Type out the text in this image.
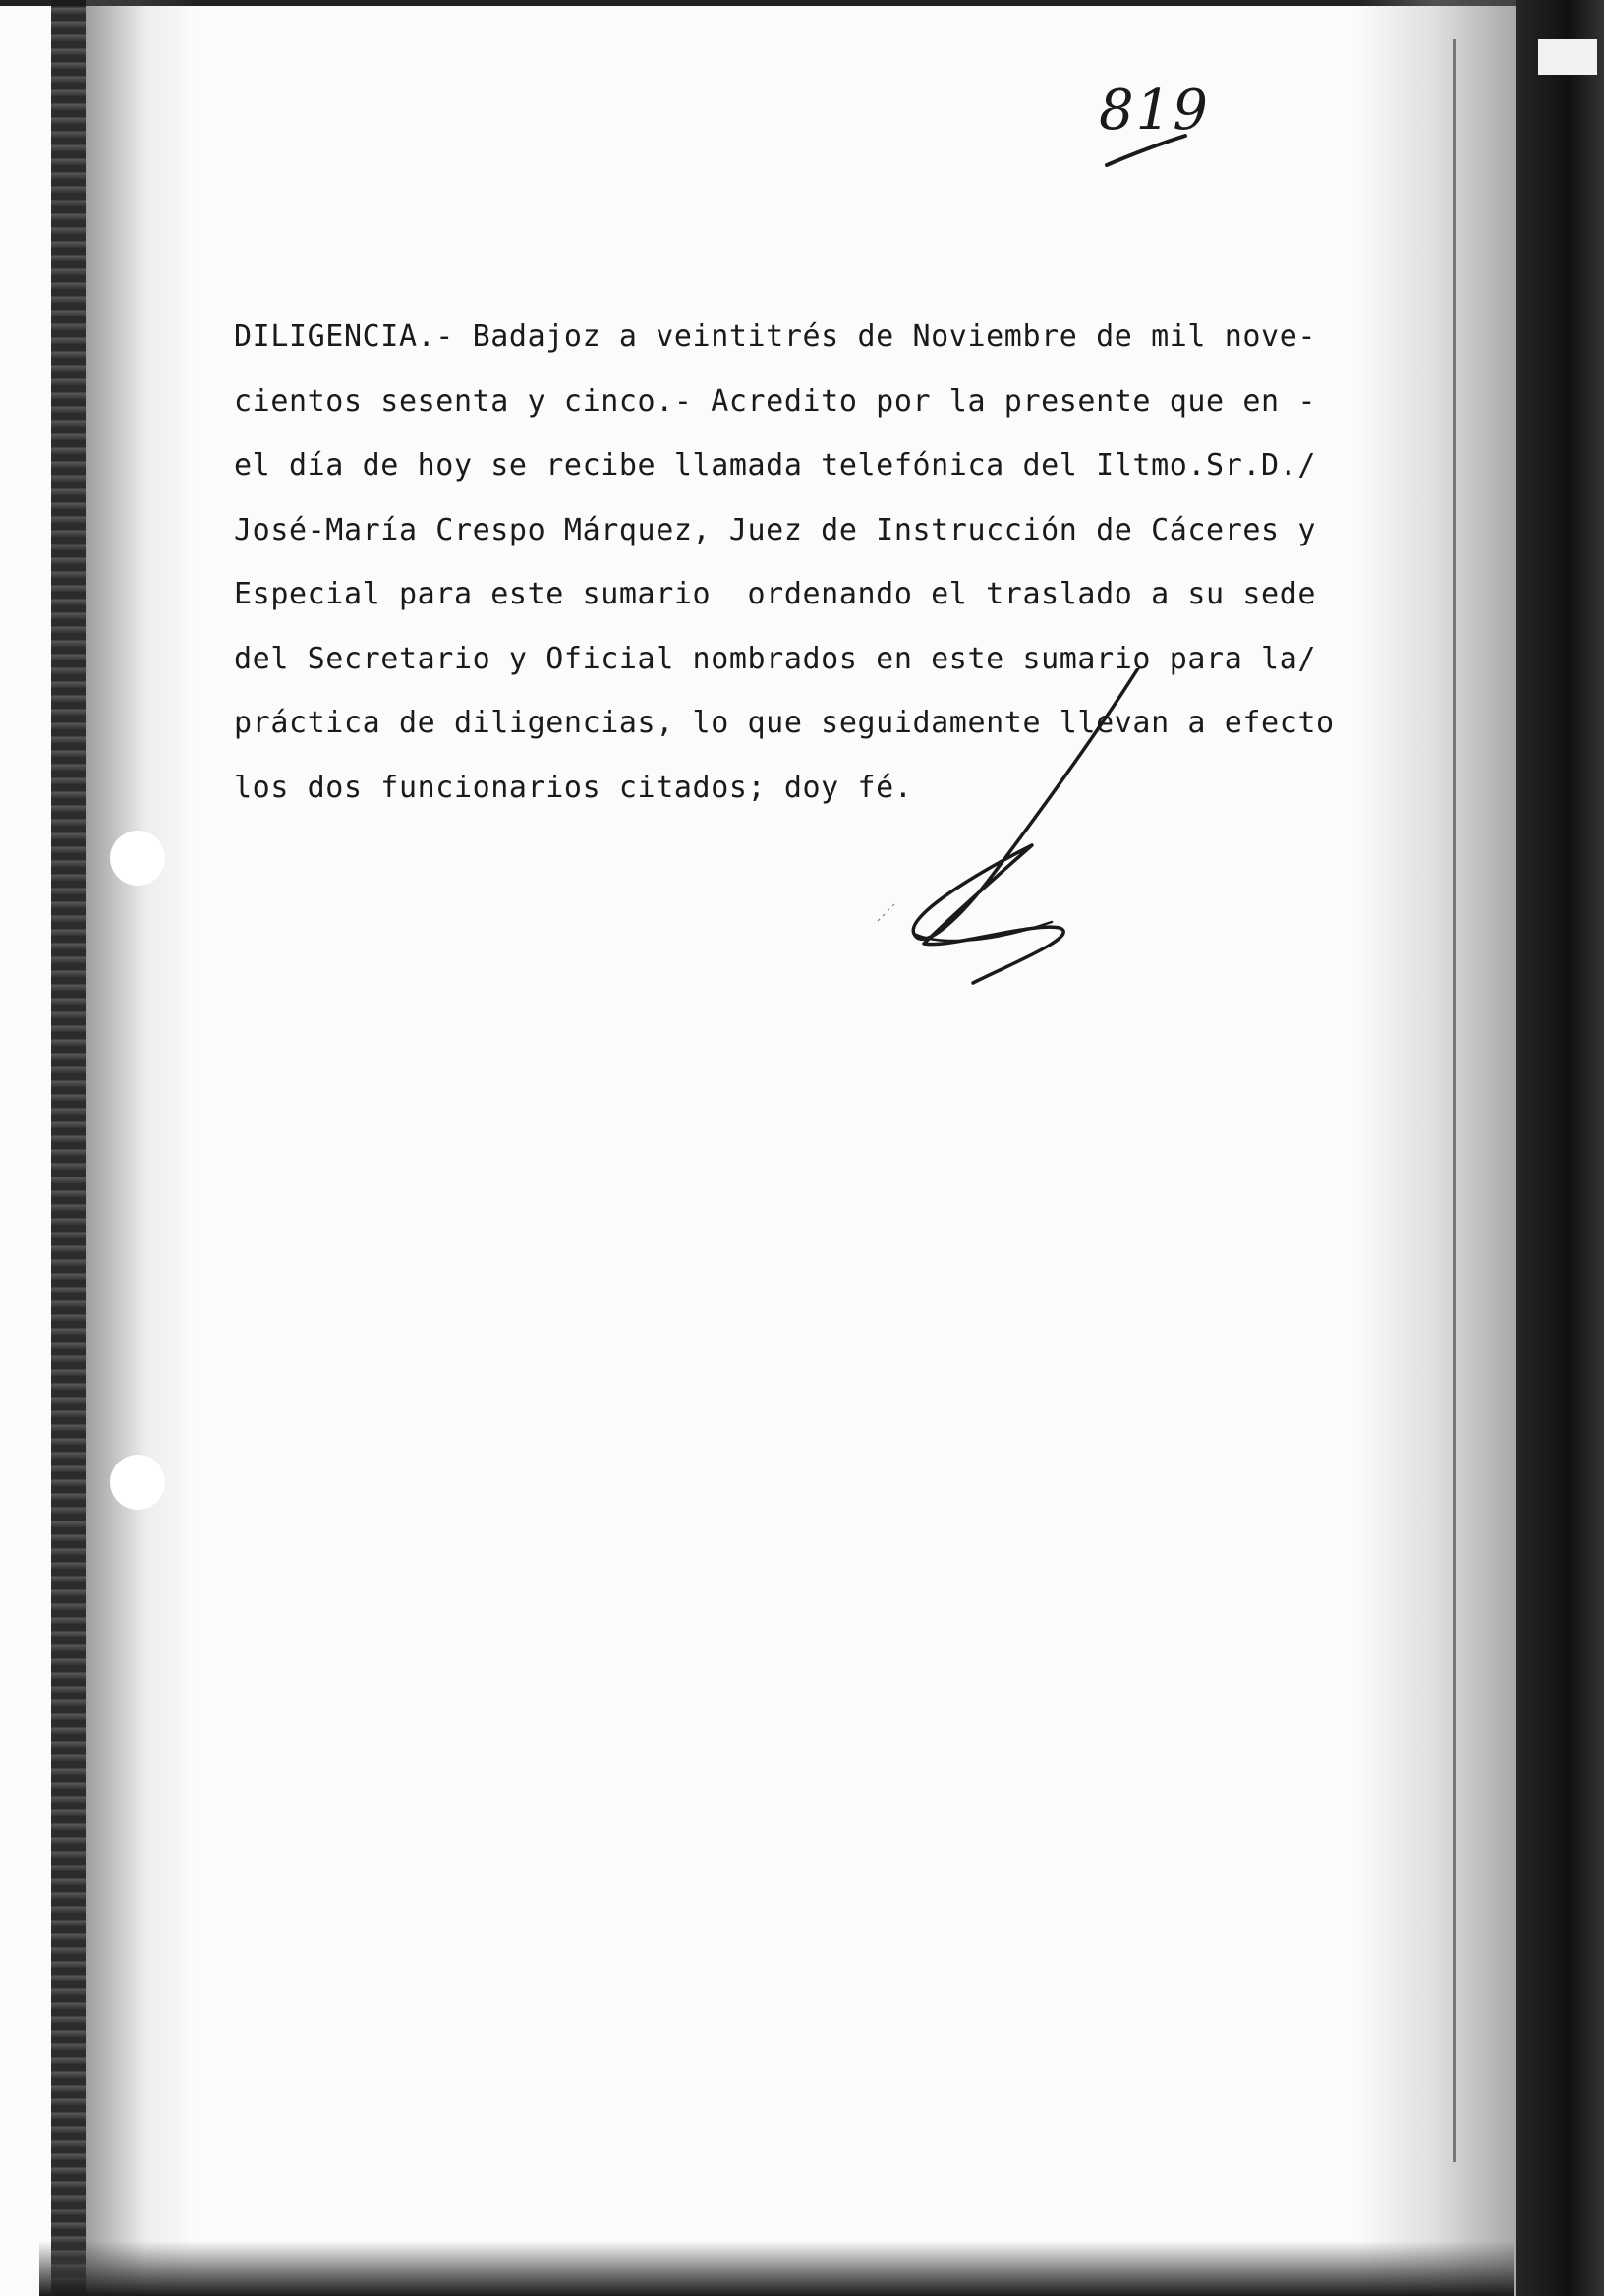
819
DILIGENCIA.- Badajoz a veintitrés de Noviembre de mil nove-
cientos sesenta y cinco.- Acredito por la presente que en -
el día de hoy se recibe llamada telefónica del Iltmo.Sr.D./
José-María Crespo Márquez, Juez de Instrucción de Cáceres y
Especial para este sumario  ordenando el traslado a su sede
del Secretario y Oficial nombrados en este sumario para la/
práctica de diligencias, lo que seguidamente llevan a efecto
los dos funcionarios citados; doy fé.
